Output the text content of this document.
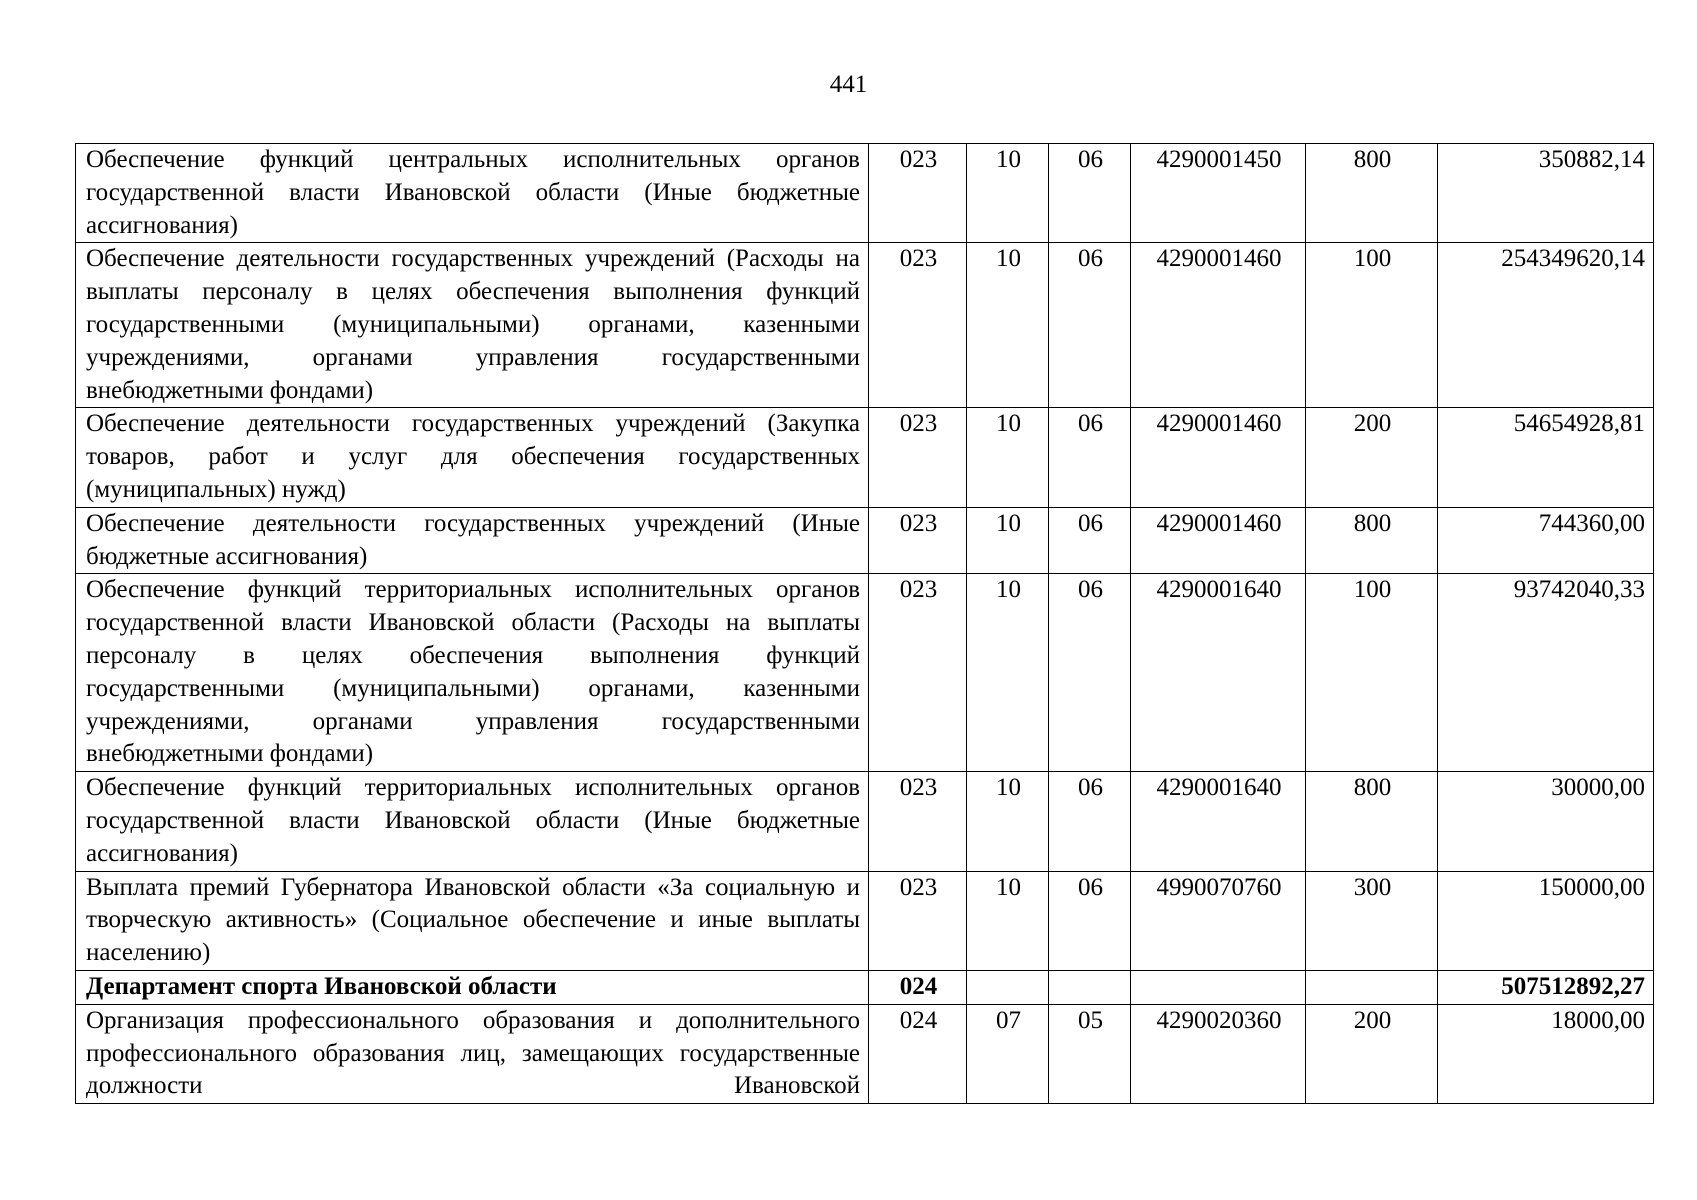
441
Обеспечение функций центральных исполнительных органов государственной власти Ивановской области (Иные бюджетные ассигнования)	023	10	06	4290001450	800	350882,14
Обеспечение деятельности государственных учреждений (Расходы на выплаты персоналу в целях обеспечения выполнения функций государственными (муниципальными) органами, казенными учреждениями, органами управления государственными внебюджетными фондами)	023	10	06	4290001460	100	254349620,14
Обеспечение деятельности государственных учреждений (Закупка товаров, работ и услуг для обеспечения государственных (муниципальных) нужд)	023	10	06	4290001460	200	54654928,81
Обеспечение деятельности государственных учреждений (Иные бюджетные ассигнования)	023	10	06	4290001460	800	744360,00
Обеспечение функций территориальных исполнительных органов государственной власти Ивановской области (Расходы на выплаты персоналу в целях обеспечения выполнения функций государственными (муниципальными) органами, казенными учреждениями, органами управления государственными внебюджетными фондами)	023	10	06	4290001640	100	93742040,33
Обеспечение функций территориальных исполнительных органов государственной власти Ивановской области (Иные бюджетные ассигнования)	023	10	06	4290001640	800	30000,00
Выплата премий Губернатора Ивановской области «За социальную и творческую активность» (Социальное обеспечение и иные выплаты населению)	023	10	06	4990070760	300	150000,00
Департамент спорта Ивановской области	024					507512892,27
Организация профессионального образования и дополнительного профессионального образования лиц, замещающих государственные должности Ивановской	024	07	05	4290020360	200	18000,00
